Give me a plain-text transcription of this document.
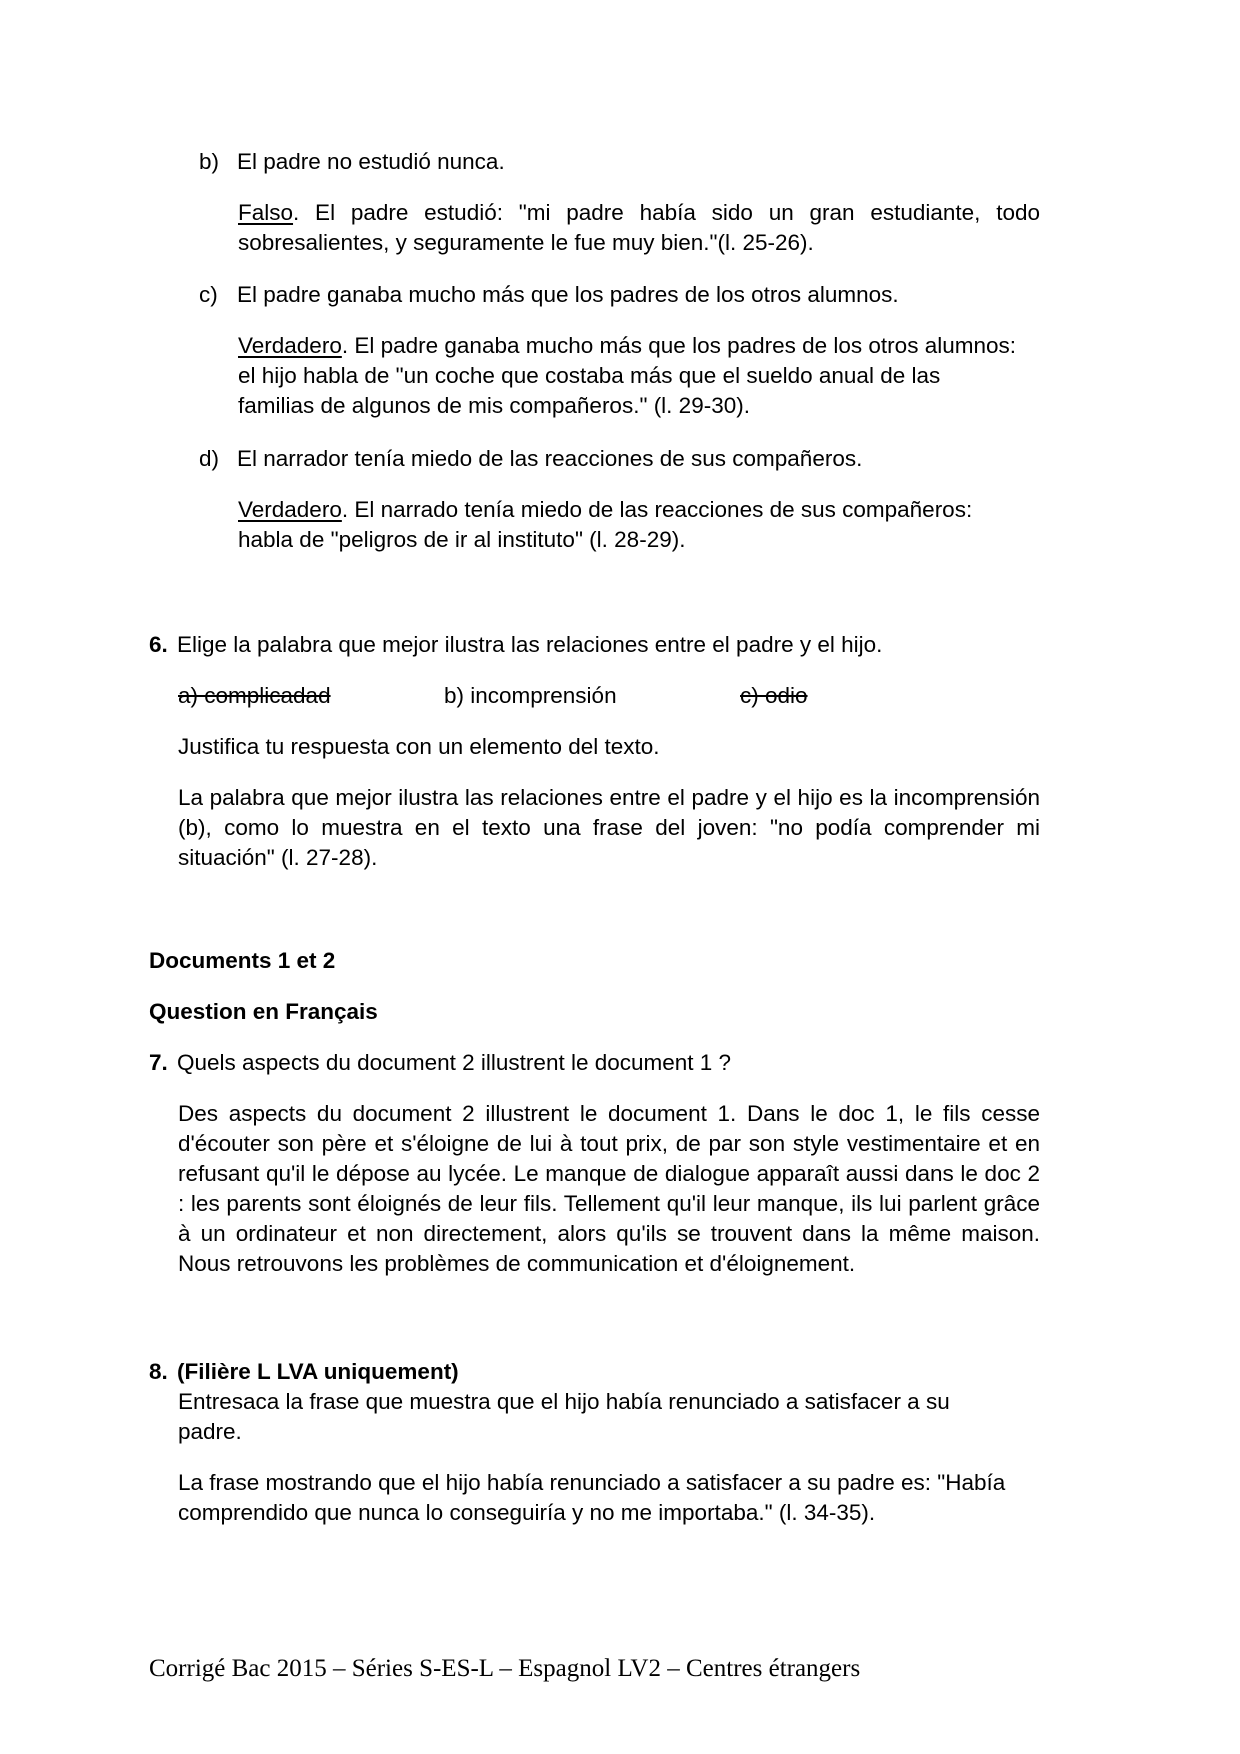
b) El padre no estudió nunca.
Falso. El padre estudió: "mi padre había sido un gran estudiante, todo sobresalientes, y seguramente le fue muy bien."(l. 25-26).
c) El padre ganaba mucho más que los padres de los otros alumnos.
Verdadero. El padre ganaba mucho más que los padres de los otros alumnos:
el hijo habla de "un coche que costaba más que el sueldo anual de las
familias de algunos de mis compañeros." (l. 29-30).
d) El narrador tenía miedo de las reacciones de sus compañeros.
Verdadero. El narrado tenía miedo de las reacciones de sus compañeros:
habla de "peligros de ir al instituto" (l. 28-29).
6. Elige la palabra que mejor ilustra las relaciones entre el padre y el hijo.
a) complicadad	b) incomprensión	c) odio
Justifica tu respuesta con un elemento del texto.
La palabra que mejor ilustra las relaciones entre el padre y el hijo es la incomprensión (b), como lo muestra en el texto una frase del joven: "no podía comprender mi situación" (l. 27-28).
Documents 1 et 2
Question en Français
7. Quels aspects du document 2 illustrent le document 1 ?
Des aspects du document 2 illustrent le document 1. Dans le doc 1, le fils cesse d'écouter son père et s'éloigne de lui à tout prix, de par son style vestimentaire et en refusant qu'il le dépose au lycée. Le manque de dialogue apparaît aussi dans le doc 2 : les parents sont éloignés de leur fils. Tellement qu'il leur manque, ils lui parlent grâce à un ordinateur et non directement, alors qu'ils se trouvent dans la même maison. Nous retrouvons les problèmes de communication et d'éloignement.
8. (Filière L LVA uniquement)
Entresaca la frase que muestra que el hijo había renunciado a satisfacer a su
padre.
La frase mostrando que el hijo había renunciado a satisfacer a su padre es: "Había
comprendido que nunca lo conseguiría y no me importaba." (l. 34-35).
Corrigé Bac 2015 – Séries S-ES-L – Espagnol LV2 – Centres étrangers
